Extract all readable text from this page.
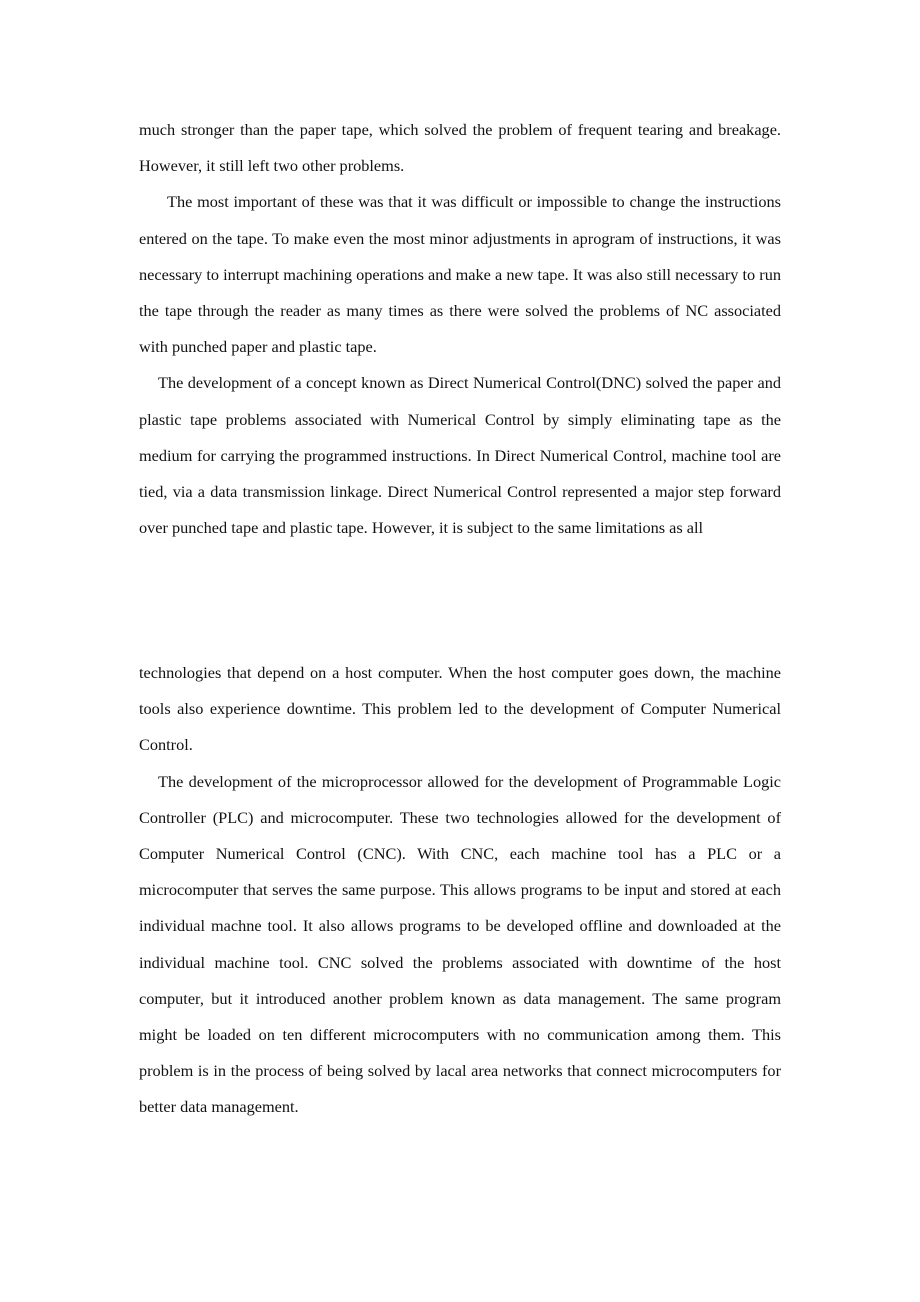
much stronger than the paper tape, which solved the problem of frequent tearing and breakage. However, it still left two other problems.

The most important of these was that it was difficult or impossible to change the instructions entered on the tape. To make even the most minor adjustments in aprogram of instructions, it was necessary to interrupt machining operations and make a new tape. It was also still necessary to run the tape through the reader as many times as there were solved the problems of NC associated with punched paper and plastic tape.

The development of a concept known as Direct Numerical Control(DNC) solved the paper and plastic tape problems associated with Numerical Control by simply eliminating tape as the medium for carrying the programmed instructions. In Direct Numerical Control, machine tool are tied, via a data transmission linkage. Direct Numerical Control represented a major step forward over punched tape and plastic tape. However, it is subject to the same limitations as all

technologies that depend on a host computer. When the host computer goes down, the machine tools also experience downtime. This problem led to the development of Computer Numerical Control.

The development of the microprocessor allowed for the development of Programmable Logic Controller (PLC) and microcomputer. These two technologies allowed for the development of Computer Numerical Control (CNC). With CNC, each machine tool has a PLC or a microcomputer that serves the same purpose. This allows programs to be input and stored at each individual machne tool. It also allows programs to be developed offline and downloaded at the individual machine tool. CNC solved the problems associated with downtime of the host computer, but it introduced another problem known as data management. The same program might be loaded on ten different microcomputers with no communication among them. This problem is in the process of being solved by lacal area networks that connect microcomputers for better data management.
